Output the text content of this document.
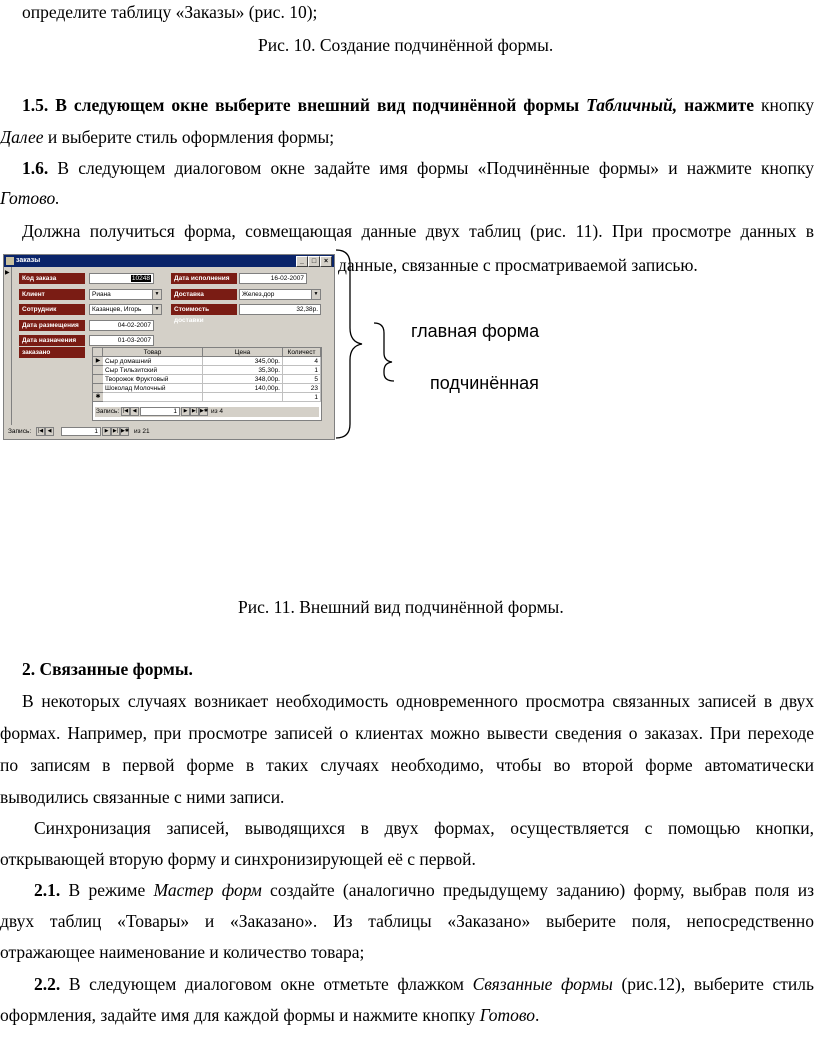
определите таблицу «Заказы» (рис. 10);
Рис. 10. Создание подчинённой формы.
1.5. В следующем окне выберите внешний вид подчинённой формы Табличный, нажмите кнопку
Далее и выберите стиль оформления формы;
1.6. В следующем диалоговом окне задайте имя формы «Подчинённые формы» и нажмите кнопку
Готово.
Должна получиться форма, совмещающая данные двух таблиц (рис. 11). При просмотре данных в
данные, связанные с просматриваемой записью.
заказы	_	□	×
▶
Код заказа	10248	Дата исполнения	16-02-2007
Клиент	Риана	▼	Доставка	Желез.дор	▼
Сотрудник	Казанцев, Игорь	▼	Стоимость доставки
32,38р.
Дата размещения	04-02-2007
Дата назначения	01-03-2007
заказано	Товар	Цена	Количест
▶ Сыр домашний	345,00р.	4
Сыр Тильзитский	35,30р.	1
Творожок Фруктовый	348,00р.	5
Шоколад Молочный	140,00р.	23
✱	1
Запись: |◀ ◀	1	▶ ▶| ▶✱ из 4
Запись:	|◀ ◀	1	▶ ▶| ▶✱ из 21
главная форма
подчинённая
Рис. 11. Внешний вид подчинённой формы.
2. Связанные формы.
В некоторых случаях возникает необходимость одновременного просмотра связанных записей в двух
формах. Например, при просмотре записей о клиентах можно вывести сведения о заказах. При переходе
по записям в первой форме в таких случаях необходимо, чтобы во второй форме автоматически
выводились связанные с ними записи.
Синхронизация записей, выводящихся в двух формах, осуществляется с помощью кнопки,
открывающей вторую форму и синхронизирующей её с первой.
2.1. В режиме Мастер форм создайте (аналогично предыдущему заданию) форму, выбрав поля из
двух таблиц «Товары» и «Заказано». Из таблицы «Заказано» выберите поля, непосредственно
отражающее наименование и количество товара;
2.2. В следующем диалоговом окне отметьте флажком Связанные формы (рис.12), выберите стиль
оформления, задайте имя для каждой формы и нажмите кнопку Готово.
